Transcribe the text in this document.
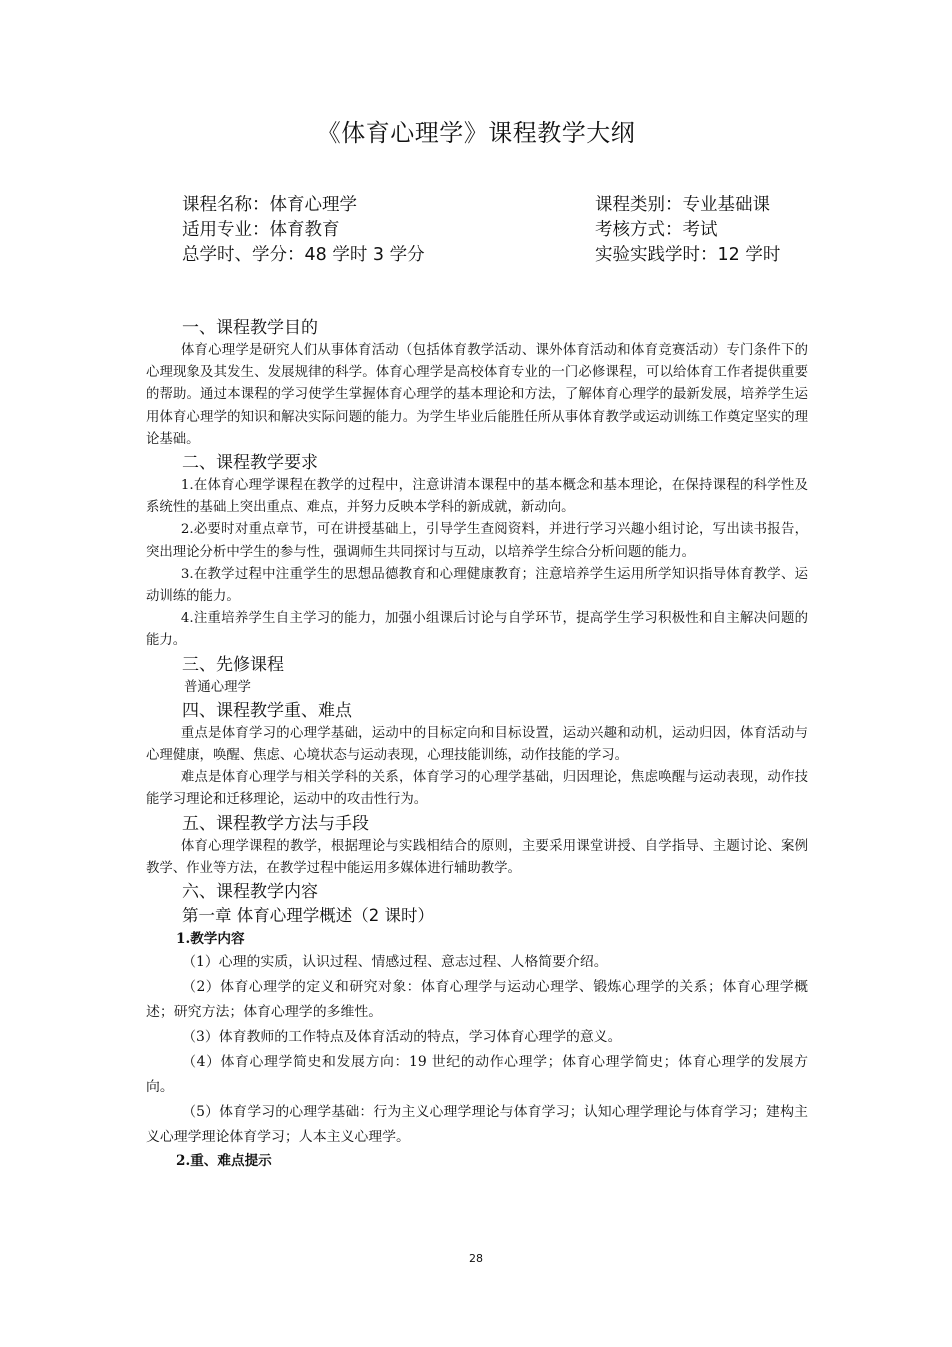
《体育心理学》课程教学大纲
课程名称：体育心理学	课程类别：专业基础课
适用专业：体育教育	考核方式：考试
总学时、学分：48 学时 3 学分	实验实践学时：12 学时
一、课程教学目的

体育心理学是研究人们从事体育活动（包括体育教学活动、课外体育活动和体育竞赛活动）专门条件下的心理现象及其发生、发展规律的科学。体育心理学是高校体育专业的一门必修课程，可以给体育工作者提供重要的帮助。通过本课程的学习使学生掌握体育心理学的基本理论和方法，了解体育心理学的最新发展，培养学生运用体育心理学的知识和解决实际问题的能力。为学生毕业后能胜任所从事体育教学或运动训练工作奠定坚实的理论基础。

二、课程教学要求

1.在体育心理学课程在教学的过程中，注意讲清本课程中的基本概念和基本理论，在保持课程的科学性及系统性的基础上突出重点、难点，并努力反映本学科的新成就，新动向。

2.必要时对重点章节，可在讲授基础上，引导学生查阅资料，并进行学习兴趣小组讨论，写出读书报告，突出理论分析中学生的参与性，强调师生共同探讨与互动，以培养学生综合分析问题的能力。

3.在教学过程中注重学生的思想品德教育和心理健康教育；注意培养学生运用所学知识指导体育教学、运动训练的能力。

4.注重培养学生自主学习的能力，加强小组课后讨论与自学环节，提高学生学习积极性和自主解决问题的能力。

三、先修课程

普通心理学

四、课程教学重、难点

重点是体育学习的心理学基础，运动中的目标定向和目标设置，运动兴趣和动机，运动归因，体育活动与心理健康，唤醒、焦虑、心境状态与运动表现，心理技能训练，动作技能的学习。

难点是体育心理学与相关学科的关系，体育学习的心理学基础，归因理论，焦虑唤醒与运动表现，动作技能学习理论和迁移理论，运动中的攻击性行为。

五、课程教学方法与手段

体育心理学课程的教学，根据理论与实践相结合的原则，主要采用课堂讲授、自学指导、主题讨论、案例教学、作业等方法，在教学过程中能运用多媒体进行辅助教学。

六、课程教学内容
第一章 体育心理学概述（2 课时）
1.教学内容

（1）心理的实质，认识过程、情感过程、意志过程、人格简要介绍。

（2）体育心理学的定义和研究对象：体育心理学与运动心理学、锻炼心理学的关系；体育心理学概述；研究方法；体育心理学的多维性。

（3）体育教师的工作特点及体育活动的特点，学习体育心理学的意义。

（4）体育心理学简史和发展方向：19 世纪的动作心理学；体育心理学简史；体育心理学的发展方向。

（5）体育学习的心理学基础：行为主义心理学理论与体育学习；认知心理学理论与体育学习；建构主义心理学理论体育学习；人本主义心理学。

2.重、难点提示
28
